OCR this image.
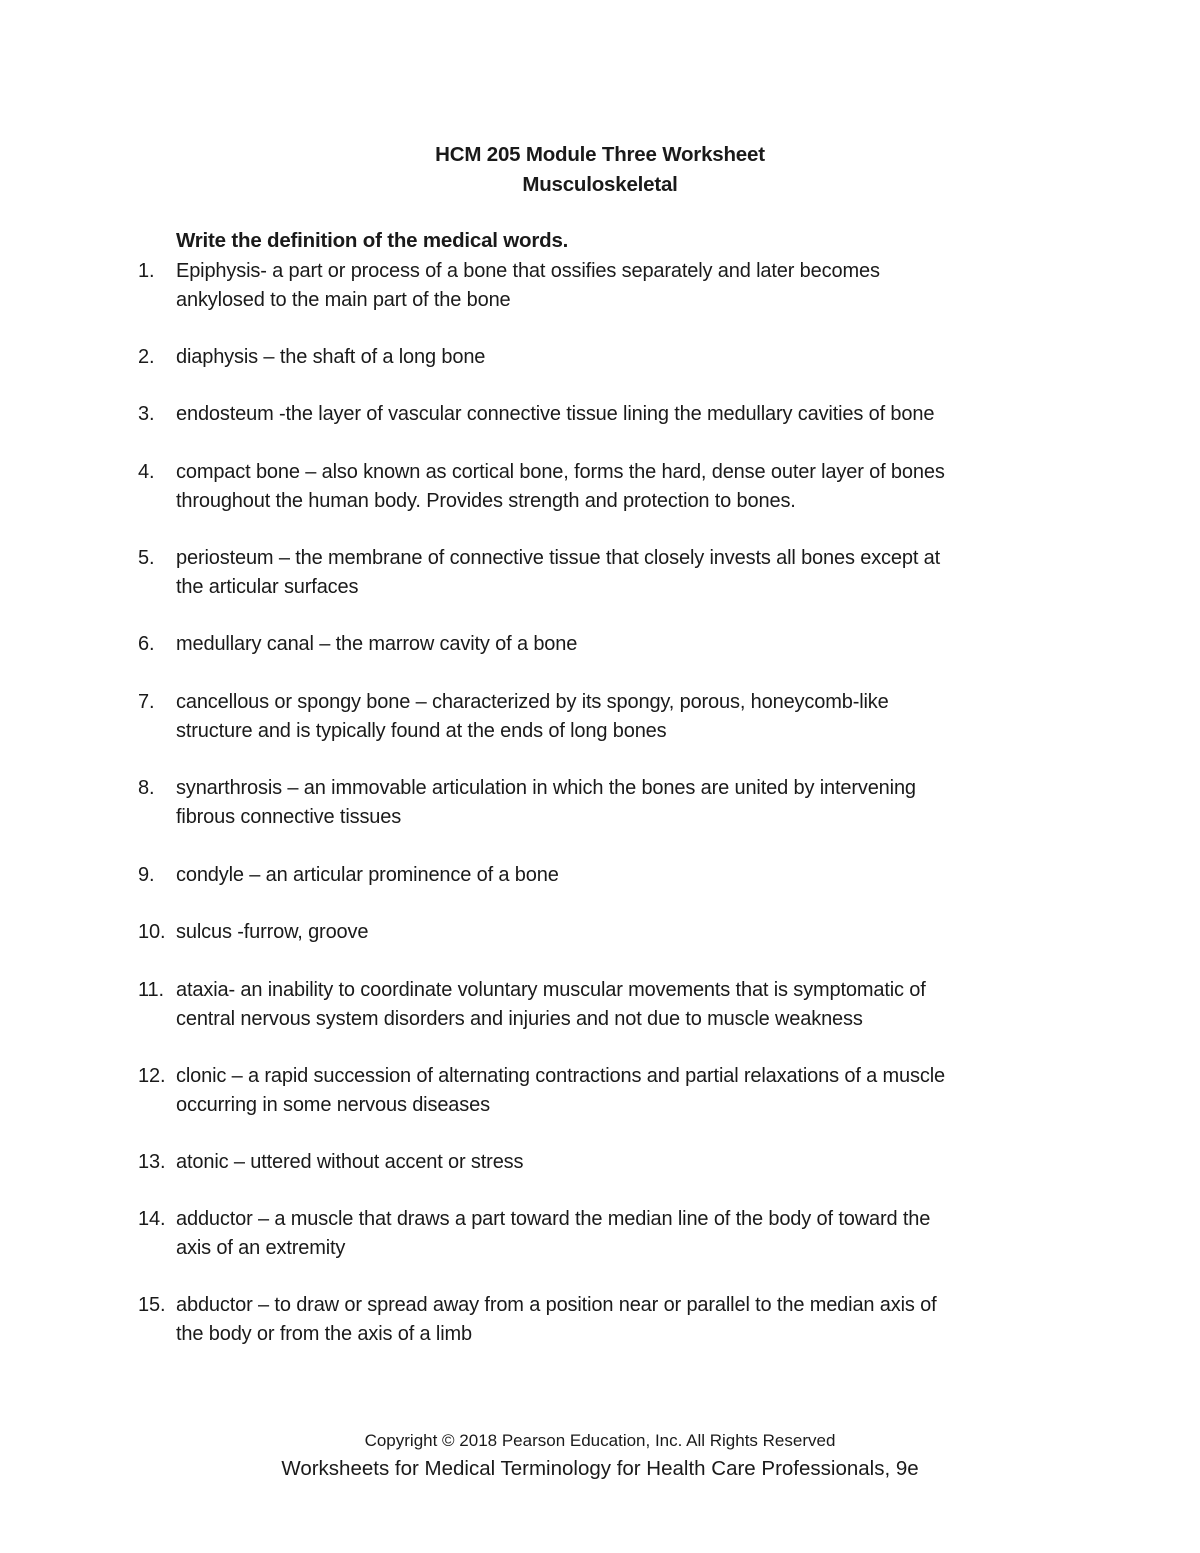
HCM 205 Module Three Worksheet
Musculoskeletal
Write the definition of the medical words.
1.	Epiphysis- a part or process of a bone that ossifies separately and later becomes
ankylosed to the main part of the bone
2.	diaphysis – the shaft of a long bone
3.	endosteum -the layer of vascular connective tissue lining the medullary cavities of bone
4.	compact bone – also known as cortical bone, forms the hard, dense outer layer of bones
throughout the human body. Provides strength and protection to bones.
5.	periosteum – the membrane of connective tissue that closely invests all bones except at
the articular surfaces
6.	medullary canal – the marrow cavity of a bone
7.	cancellous or spongy bone – characterized by its spongy, porous, honeycomb-like
structure and is typically found at the ends of long bones
8.	synarthrosis – an immovable articulation in which the bones are united by intervening
fibrous connective tissues
9.	condyle – an articular prominence of a bone
10. sulcus -furrow, groove
11. ataxia- an inability to coordinate voluntary muscular movements that is symptomatic of
central nervous system disorders and injuries and not due to muscle weakness
12. clonic – a rapid succession of alternating contractions and partial relaxations of a muscle
occurring in some nervous diseases
13. atonic – uttered without accent or stress
14. adductor – a muscle that draws a part toward the median line of the body of toward the
axis of an extremity
15. abductor – to draw or spread away from a position near or parallel to the median axis of
the body or from the axis of a limb
Copyright © 2018 Pearson Education, Inc. All Rights Reserved
Worksheets for Medical Terminology for Health Care Professionals, 9e
